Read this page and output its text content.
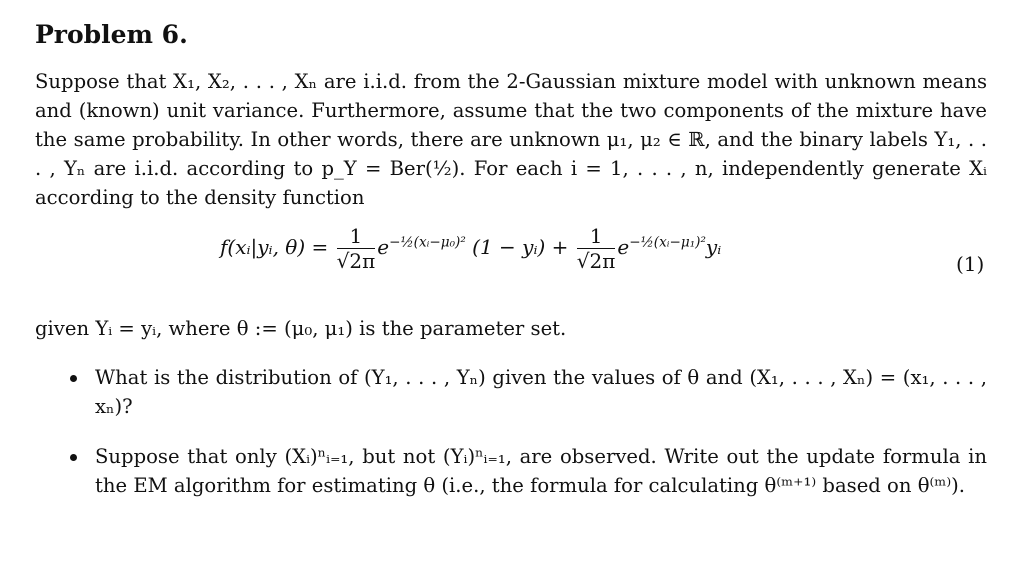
Problem 6.
Suppose that X₁, X₂, . . . , Xₙ are i.i.d. from the 2-Gaussian mixture model with unknown means and (known) unit variance. Furthermore, assume that the two components of the mixture have the same probability. In other words, there are unknown μ₁, μ₂ ∈ ℝ, and the binary labels Y₁, . . . , Yₙ are i.i.d. according to p_Y = Ber(½). For each i = 1, . . . , n, independently generate Xᵢ according to the density function
f(xᵢ|yᵢ, $\theta) = \frac{1}{√2\pi} e^{-\frac{1}{2}(xᵢ-\mu_0)^2}$ (1 − yᵢ) + $\frac{1}{√2\pi}$ $e^{-\frac{1}{2}(xᵢ-\mu_1)^2}yᵢ$
(1)
given Yᵢ = yᵢ, where θ := (μ₀, μ₁) is the parameter set.
What is the distribution of (Y₁, . . . , Yₙ) given the values of θ and (X₁, . . . , Xₙ) = (x₁, . . . , xₙ)?
Suppose that only (Xᵢ)ⁿᵢ₌₁, but not (Yᵢ)ⁿᵢ₌₁, are observed. Write out the update formula in the EM algorithm for estimating θ (i.e., the formula for calculating θ⁽ᵐ⁺¹⁾ based on θ⁽ᵐ⁾).
